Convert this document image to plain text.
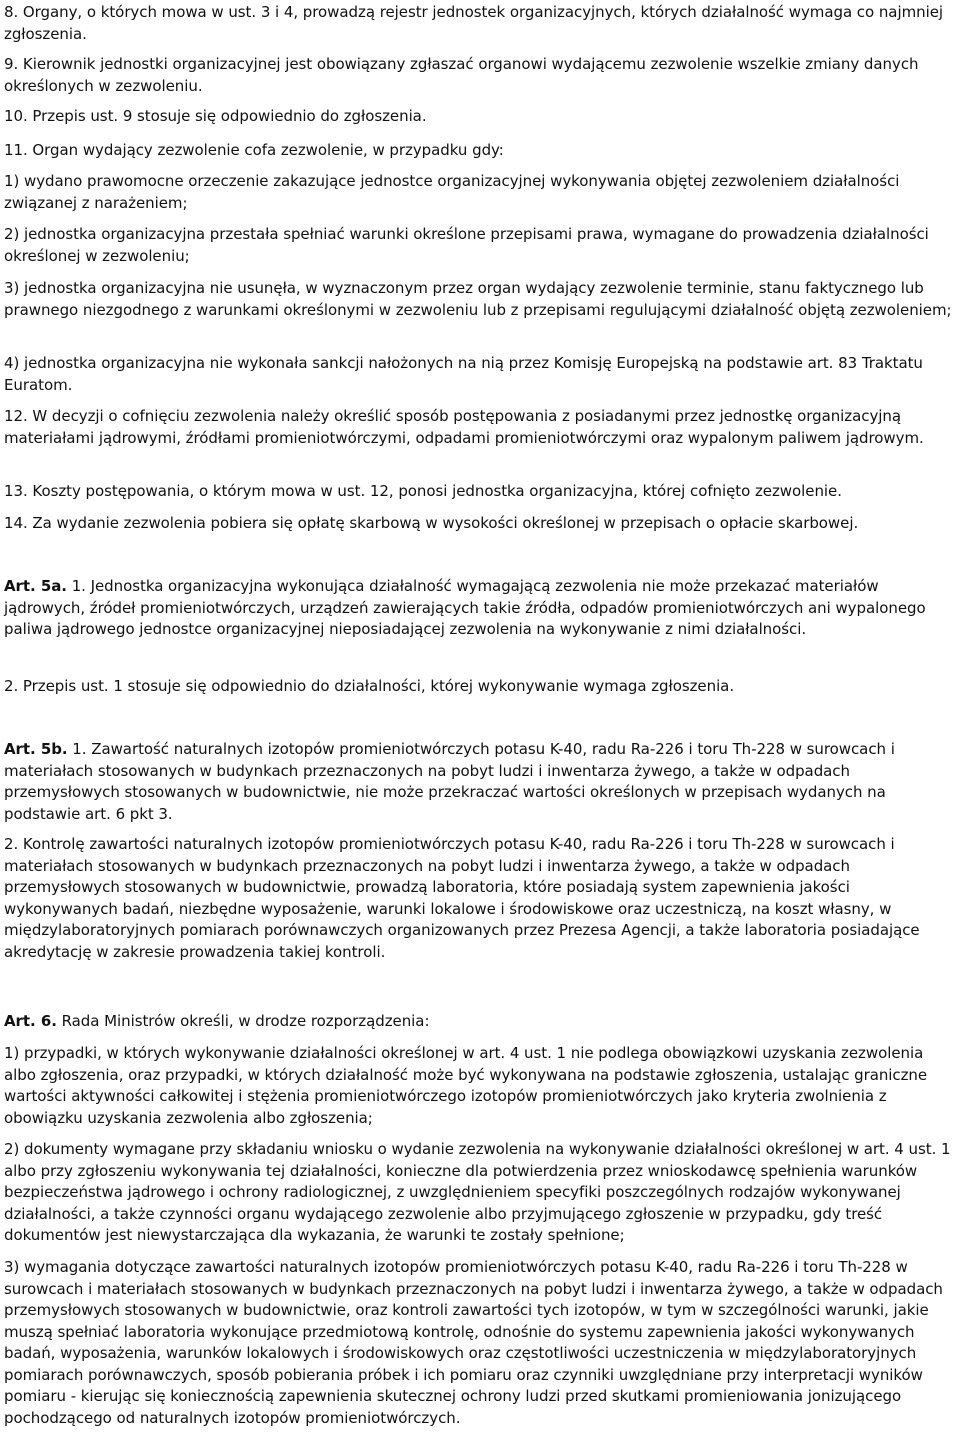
8. Organy, o których mowa w ust. 3 i 4, prowadzą rejestr jednostek organizacyjnych, których działalność wymaga co najmniej zgłoszenia.

9. Kierownik jednostki organizacyjnej jest obowiązany zgłaszać organowi wydającemu zezwolenie wszelkie zmiany danych określonych w zezwoleniu.

10. Przepis ust. 9 stosuje się odpowiednio do zgłoszenia.

11. Organ wydający zezwolenie cofa zezwolenie, w przypadku gdy:

1) wydano prawomocne orzeczenie zakazujące jednostce organizacyjnej wykonywania objętej zezwoleniem działalności związanej z narażeniem;

2) jednostka organizacyjna przestała spełniać warunki określone przepisami prawa, wymagane do prowadzenia działalności określonej w zezwoleniu;

3) jednostka organizacyjna nie usunęła, w wyznaczonym przez organ wydający zezwolenie terminie, stanu faktycznego lub prawnego niezgodnego z warunkami określonymi w zezwoleniu lub z przepisami regulującymi działalność objętą zezwoleniem;

4) jednostka organizacyjna nie wykonała sankcji nałożonych na nią przez Komisję Europejską na podstawie art. 83 Traktatu Euratom.

12. W decyzji o cofnięciu zezwolenia należy określić sposób postępowania z posiadanymi przez jednostkę organizacyjną materiałami jądrowymi, źródłami promieniotwórczymi, odpadami promieniotwórczymi oraz wypalonym paliwem jądrowym.

13. Koszty postępowania, o którym mowa w ust. 12, ponosi jednostka organizacyjna, której cofnięto zezwolenie.

14. Za wydanie zezwolenia pobiera się opłatę skarbową w wysokości określonej w przepisach o opłacie skarbowej.

Art. 5a. 1. Jednostka organizacyjna wykonująca działalność wymagającą zezwolenia nie może przekazać materiałów jądrowych, źródeł promieniotwórczych, urządzeń zawierających takie źródła, odpadów promieniotwórczych ani wypalonego paliwa jądrowego jednostce organizacyjnej nieposiadającej zezwolenia na wykonywanie z nimi działalności.

2. Przepis ust. 1 stosuje się odpowiednio do działalności, której wykonywanie wymaga zgłoszenia.

Art. 5b. 1. Zawartość naturalnych izotopów promieniotwórczych potasu K-40, radu Ra-226 i toru Th-228 w surowcach i materiałach stosowanych w budynkach przeznaczonych na pobyt ludzi i inwentarza żywego, a także w odpadach przemysłowych stosowanych w budownictwie, nie może przekraczać wartości określonych w przepisach wydanych na podstawie art. 6 pkt 3.

2. Kontrolę zawartości naturalnych izotopów promieniotwórczych potasu K-40, radu Ra-226 i toru Th-228 w surowcach i materiałach stosowanych w budynkach przeznaczonych na pobyt ludzi i inwentarza żywego, a także w odpadach przemysłowych stosowanych w budownictwie, prowadzą laboratoria, które posiadają system zapewnienia jakości wykonywanych badań, niezbędne wyposażenie, warunki lokalowe i środowiskowe oraz uczestniczą, na koszt własny, w międzylaboratoryjnych pomiarach porównawczych organizowanych przez Prezesa Agencji, a także laboratoria posiadające akredytację w zakresie prowadzenia takiej kontroli.

Art. 6. Rada Ministrów określi, w drodze rozporządzenia:

1) przypadki, w których wykonywanie działalności określonej w art. 4 ust. 1 nie podlega obowiązkowi uzyskania zezwolenia albo zgłoszenia, oraz przypadki, w których działalność może być wykonywana na podstawie zgłoszenia, ustalając graniczne wartości aktywności całkowitej i stężenia promieniotwórczego izotopów promieniotwórczych jako kryteria zwolnienia z obowiązku uzyskania zezwolenia albo zgłoszenia;

2) dokumenty wymagane przy składaniu wniosku o wydanie zezwolenia na wykonywanie działalności określonej w art. 4 ust. 1 albo przy zgłoszeniu wykonywania tej działalności, konieczne dla potwierdzenia przez wnioskodawcę spełnienia warunków bezpieczeństwa jądrowego i ochrony radiologicznej, z uwzględnieniem specyfiki poszczególnych rodzajów wykonywanej działalności, a także czynności organu wydającego zezwolenie albo przyjmującego zgłoszenie w przypadku, gdy treść dokumentów jest niewystarczająca dla wykazania, że warunki te zostały spełnione;

3) wymagania dotyczące zawartości naturalnych izotopów promieniotwórczych potasu K-40, radu Ra-226 i toru Th-228 w surowcach i materiałach stosowanych w budynkach przeznaczonych na pobyt ludzi i inwentarza żywego, a także w odpadach przemysłowych stosowanych w budownictwie, oraz kontroli zawartości tych izotopów, w tym w szczególności warunki, jakie muszą spełniać laboratoria wykonujące przedmiotową kontrolę, odnośnie do systemu zapewnienia jakości wykonywanych badań, wyposażenia, warunków lokalowych i środowiskowych oraz częstotliwości uczestniczenia w międzylaboratoryjnych pomiarach porównawczych, sposób pobierania próbek i ich pomiaru oraz czynniki uwzględniane przy interpretacji wyników pomiaru - kierując się koniecznością zapewnienia skutecznej ochrony ludzi przed skutkami promieniowania jonizującego pochodzącego od naturalnych izotopów promieniotwórczych.
